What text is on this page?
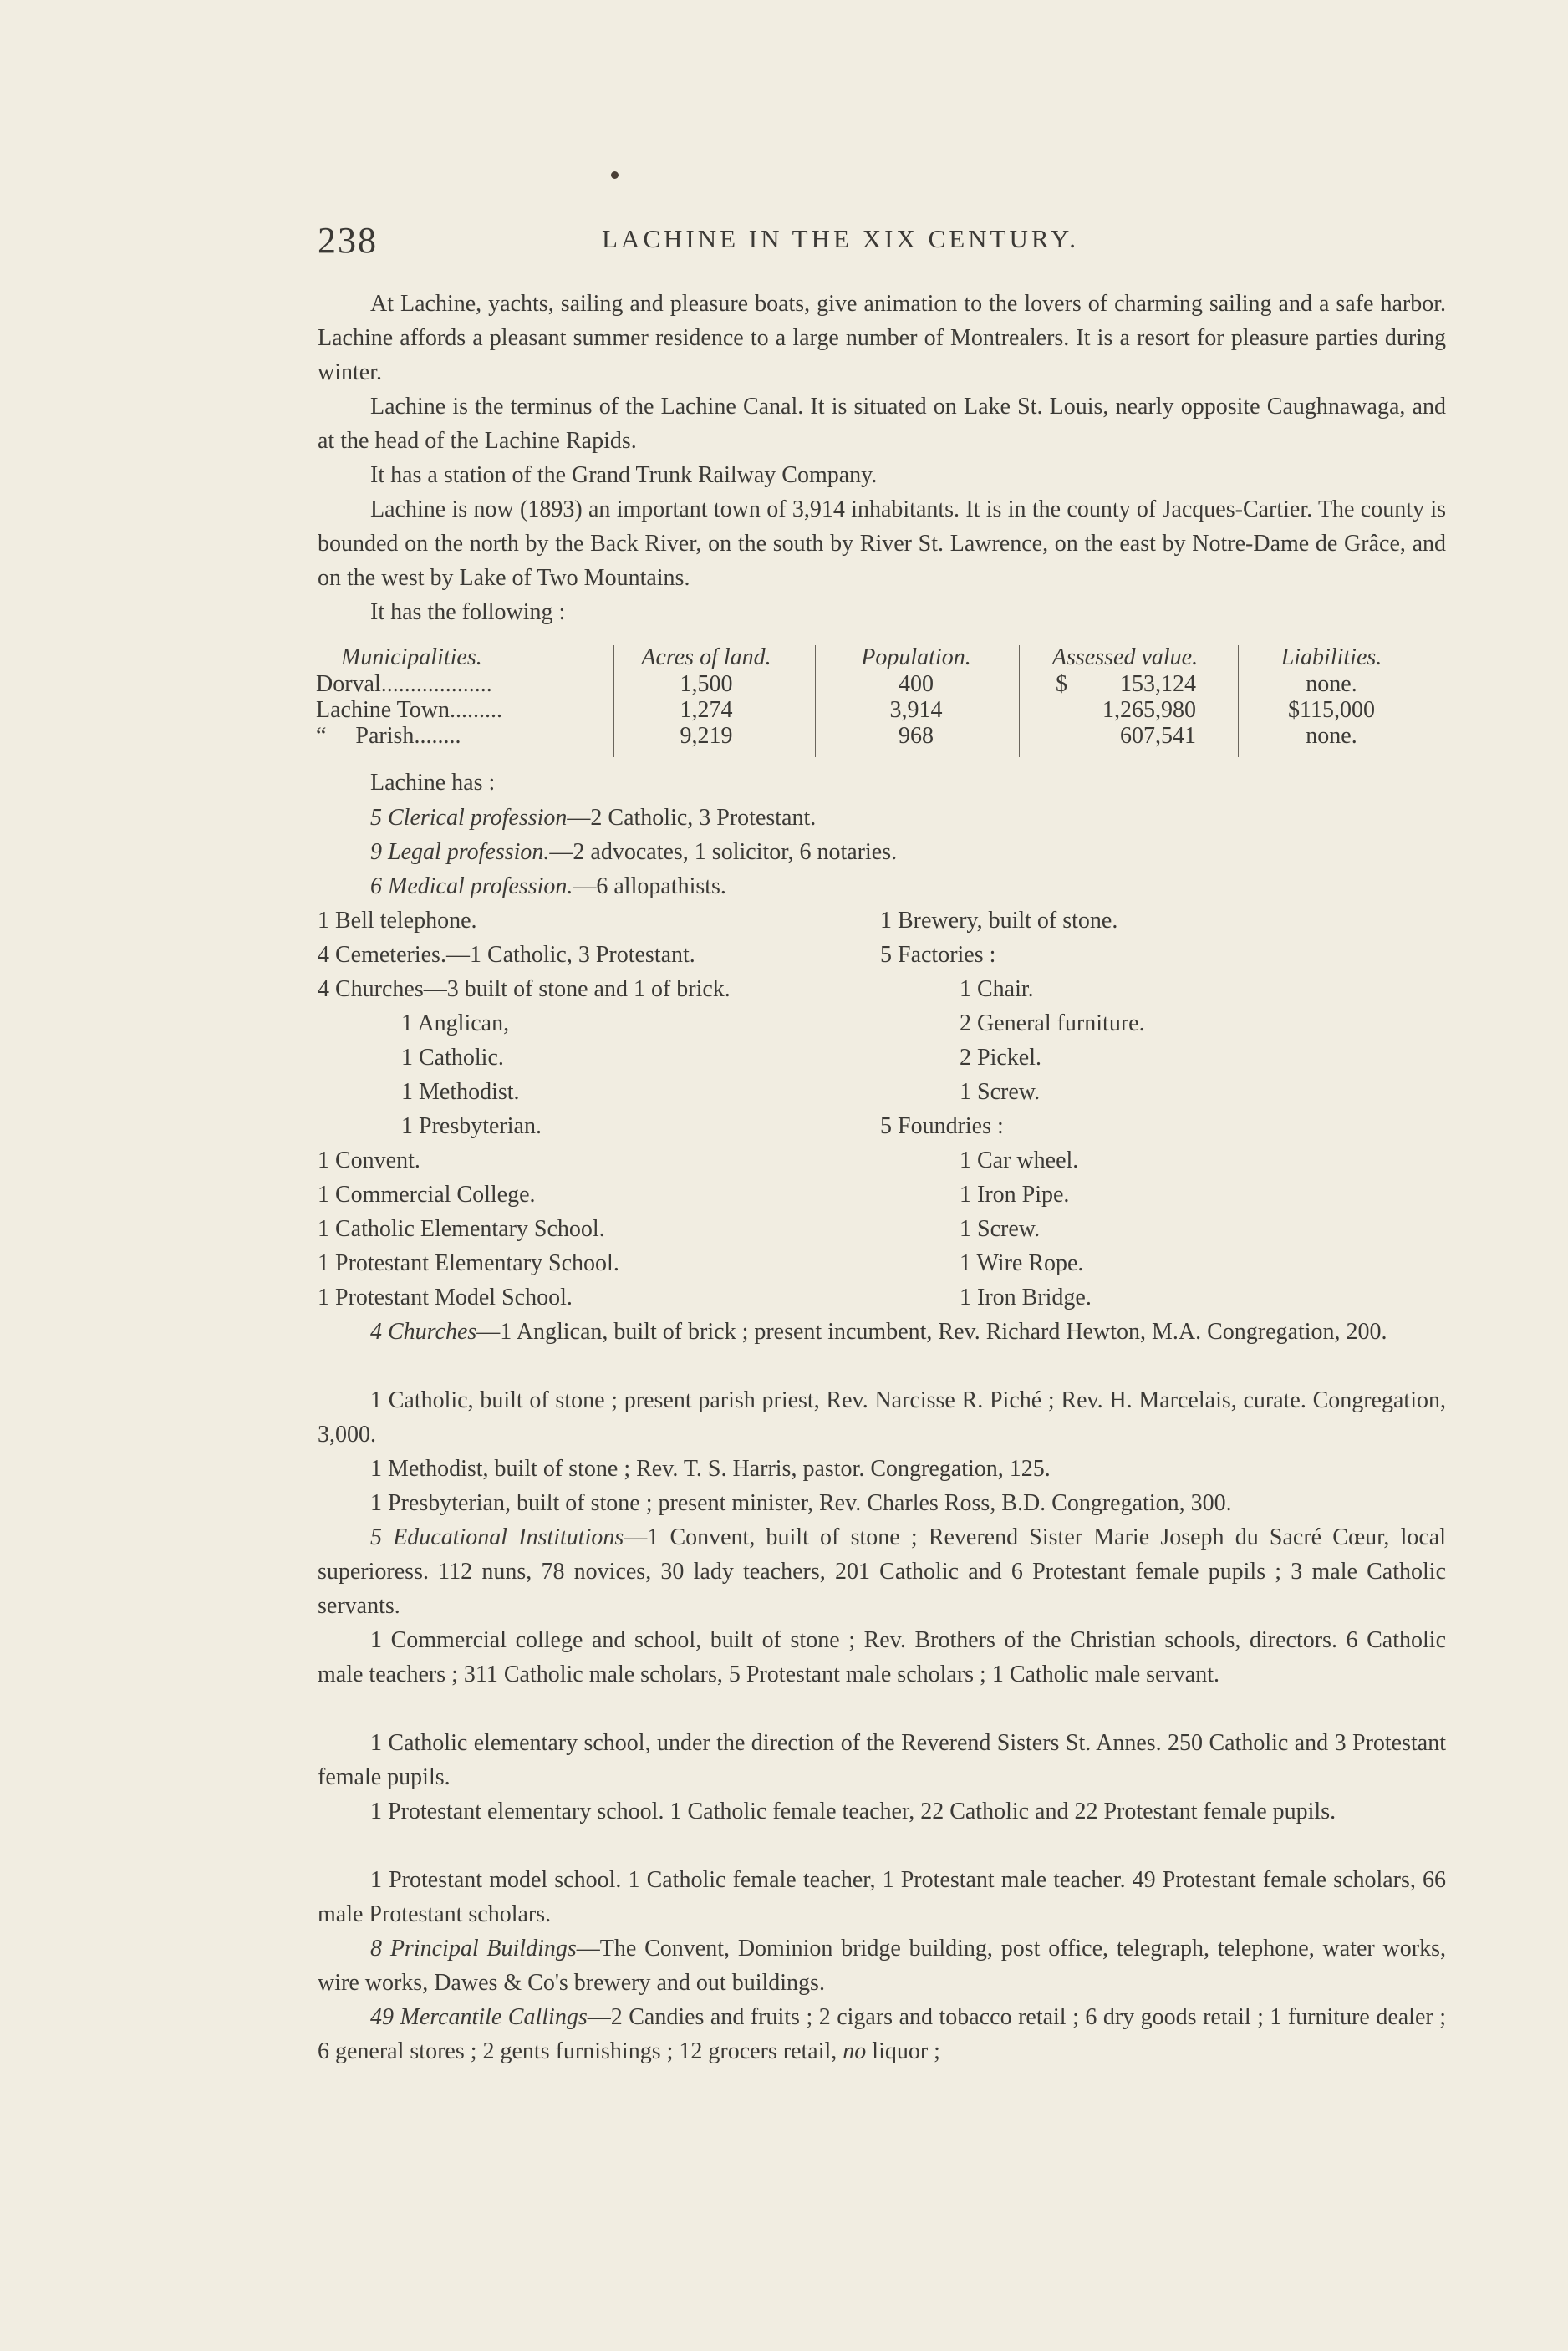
238	LACHINE IN THE XIX CENTURY.
At Lachine, yachts, sailing and pleasure boats, give animation to the lovers of charming sailing and a safe harbor. Lachine affords a pleasant summer residence to a large number of Montrealers. It is a resort for pleasure parties during winter.
Lachine is the terminus of the Lachine Canal. It is situated on Lake St. Louis, nearly opposite Caughnawaga, and at the head of the Lachine Rapids.
It has a station of the Grand Trunk Railway Company.
Lachine is now (1893) an important town of 3,914 inhabitants. It is in the county of Jacques-Cartier. The county is bounded on the north by the Back River, on the south by River St. Lawrence, on the east by Notre-Dame de Grâce, and on the west by Lake of Two Mountains.
It has the following :
Municipalities.
Dorval...................
Lachine Town.........
“     Parish........
Acres of land.
1,500
1,274
9,219
Population.
400
3,914
968
Assessed value.
$ 153,124
1,265,980
607,541
Liabilities.
none.
$115,000
none.
Lachine has :
5 Clerical profession—2 Catholic, 3 Protestant.
9 Legal profession.—2 advocates, 1 solicitor, 6 notaries.
6 Medical profession.—6 allopathists.
1 Bell telephone.
4 Cemeteries.—1 Catholic, 3 Protestant.
4 Churches—3 built of stone and 1 of brick.
1 Anglican,
1 Catholic.
1 Methodist.
1 Presbyterian.
1 Convent.
1 Commercial College.
1 Catholic Elementary School.
1 Protestant Elementary School.
1 Protestant Model School.
1 Brewery, built of stone.
5 Factories :
1 Chair.
2 General furniture.
2 Pickel.
1 Screw.
5 Foundries :
1 Car wheel.
1 Iron Pipe.
1 Screw.
1 Wire Rope.
1 Iron Bridge.
4 Churches—1 Anglican, built of brick ; present incumbent, Rev. Richard Hewton, M.A. Congregation, 200.
1 Catholic, built of stone ; present parish priest, Rev. Narcisse R. Piché ; Rev. H. Marcelais, curate. Congregation, 3,000.
1 Methodist, built of stone ; Rev. T. S. Harris, pastor. Congregation, 125.
1 Presbyterian, built of stone ; present minister, Rev. Charles Ross, B.D. Congregation, 300.
5 Educational Institutions—1 Convent, built of stone ; Reverend Sister Marie Joseph du Sacré Cœur, local superioress. 112 nuns, 78 novices, 30 lady teachers, 201 Catholic and 6 Protestant female pupils ; 3 male Catholic servants.
1 Commercial college and school, built of stone ; Rev. Brothers of the Christian schools, directors. 6 Catholic male teachers ; 311 Catholic male scholars, 5 Protestant male scholars ; 1 Catholic male servant.
1 Catholic elementary school, under the direction of the Reverend Sisters St. Annes. 250 Catholic and 3 Protestant female pupils.
1 Protestant elementary school. 1 Catholic female teacher, 22 Catholic and 22 Protestant female pupils.
1 Protestant model school. 1 Catholic female teacher, 1 Protestant male teacher. 49 Protestant female scholars, 66 male Protestant scholars.
8 Principal Buildings—The Convent, Dominion bridge building, post office, telegraph, telephone, water works, wire works, Dawes & Co's brewery and out buildings.
49 Mercantile Callings—2 Candies and fruits ; 2 cigars and tobacco retail ; 6 dry goods retail ; 1 furniture dealer ; 6 general stores ; 2 gents furnishings ; 12 grocers retail, no liquor ;
